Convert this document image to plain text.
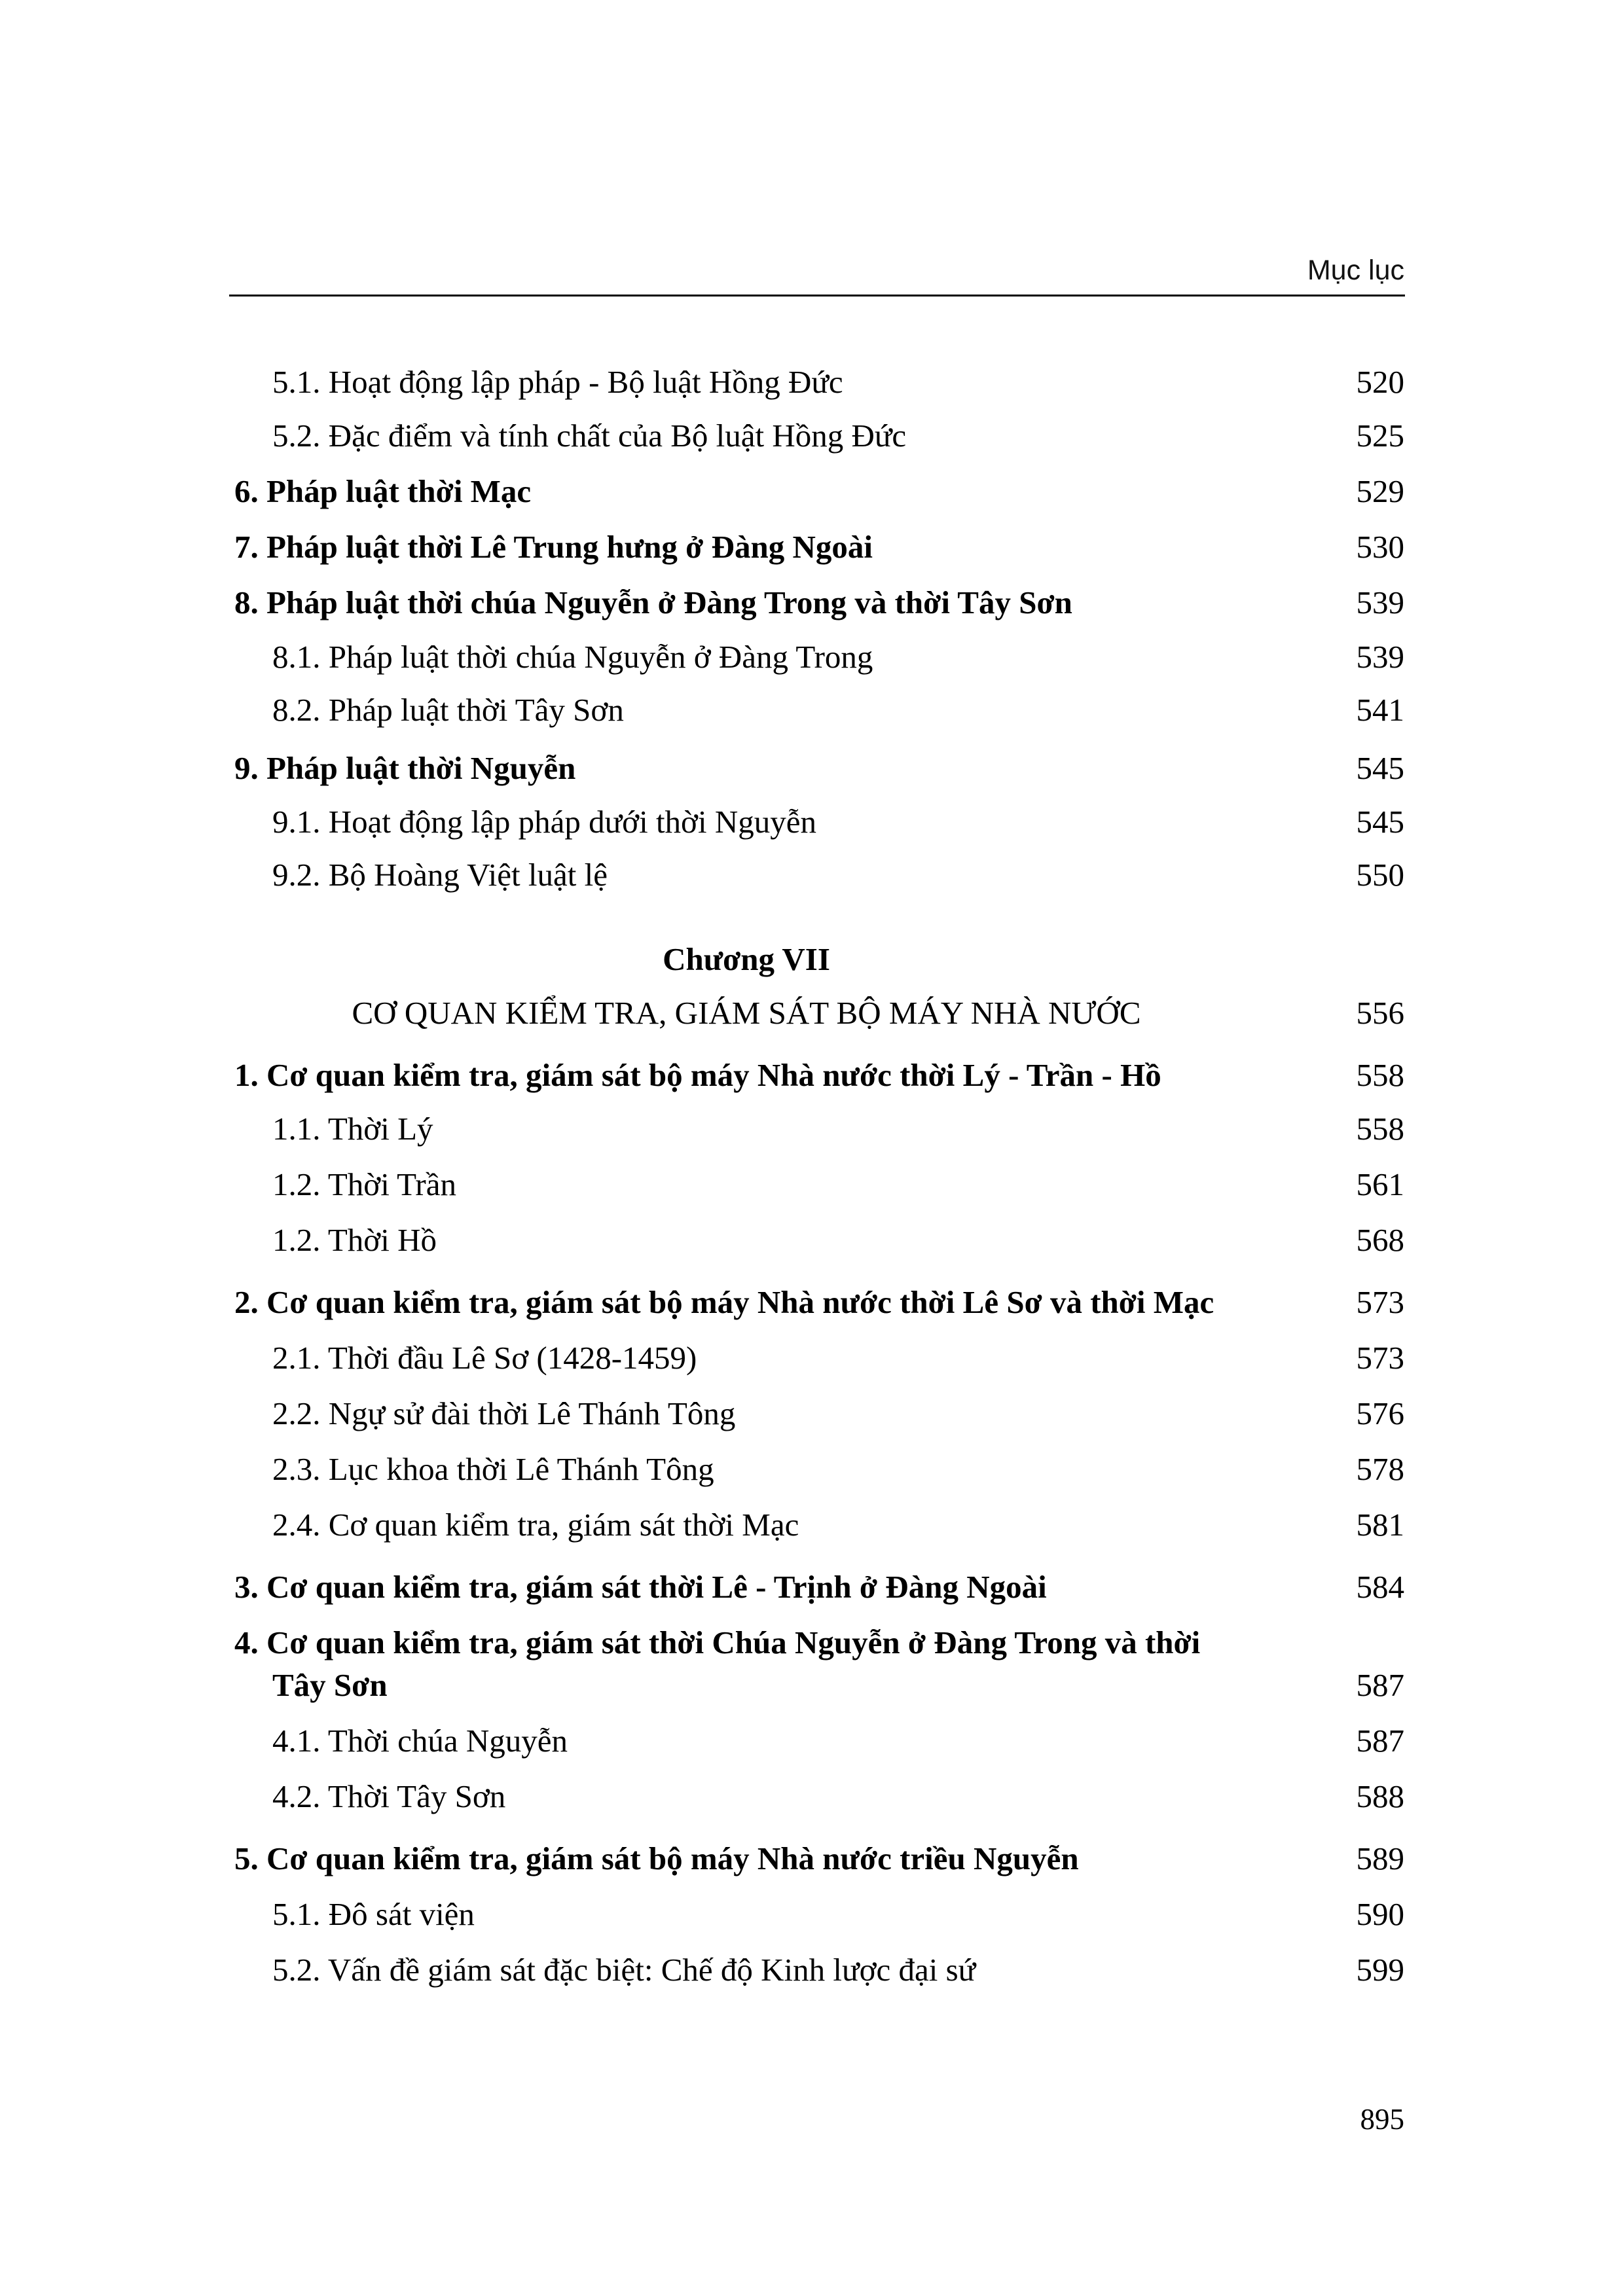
Mục lục
Chương VII
CƠ QUAN KIỂM TRA, GIÁM SÁT BỘ MÁY NHÀ NƯỚC	556
5.1. Hoạt động lập pháp - Bộ luật Hồng Đức	520
5.2. Đặc điểm và tính chất của Bộ luật Hồng Đức	525
6. Pháp luật thời Mạc	529
7. Pháp luật thời Lê Trung hưng ở Đàng Ngoài	530
8. Pháp luật thời chúa Nguyễn ở Đàng Trong và thời Tây Sơn	539
8.1. Pháp luật thời chúa Nguyễn ở Đàng Trong	539
8.2. Pháp luật thời Tây Sơn	541
9. Pháp luật thời Nguyễn	545
9.1. Hoạt động lập pháp dưới thời Nguyễn	545
9.2. Bộ Hoàng Việt luật lệ	550
1. Cơ quan kiểm tra, giám sát bộ máy Nhà nước thời Lý - Trần - Hồ	558
1.1. Thời Lý	558
1.2. Thời Trần	561
1.2. Thời Hồ	568
2. Cơ quan kiểm tra, giám sát bộ máy Nhà nước thời Lê Sơ và thời Mạc	573
2.1. Thời đầu Lê Sơ (1428-1459)	573
2.2. Ngự sử đài thời Lê Thánh Tông	576
2.3. Lục khoa thời Lê Thánh Tông	578
2.4. Cơ quan kiểm tra, giám sát thời Mạc	581
3. Cơ quan kiểm tra, giám sát thời Lê - Trịnh ở Đàng Ngoài	584
4. Cơ quan kiểm tra, giám sát thời Chúa Nguyễn ở Đàng Trong và thời
Tây Sơn	587
4.1. Thời chúa Nguyễn	587
4.2. Thời Tây Sơn	588
5. Cơ quan kiểm tra, giám sát bộ máy Nhà nước triều Nguyễn	589
5.1. Đô sát viện	590
5.2. Vấn đề giám sát đặc biệt: Chế độ Kinh lược đại sứ	599
895
